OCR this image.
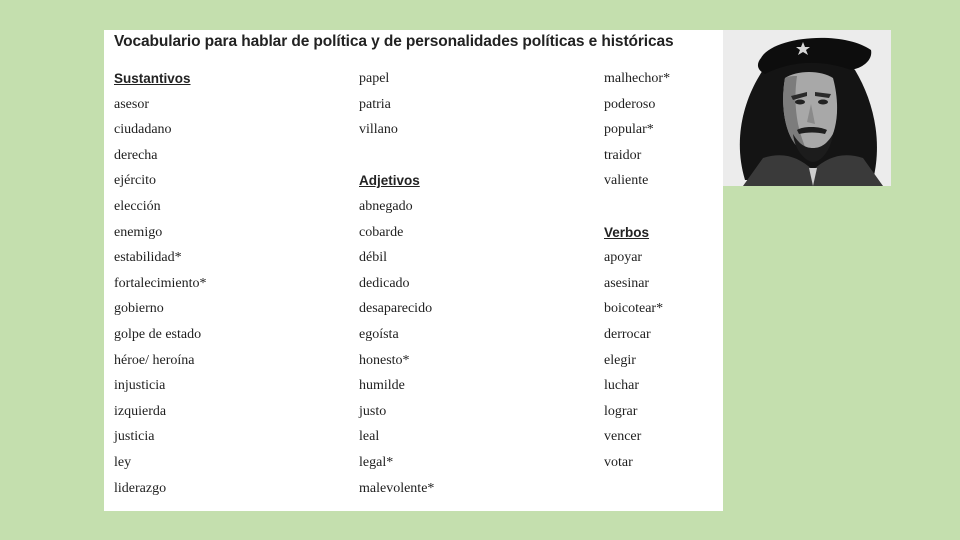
Vocabulario para hablar de política y de personalidades políticas e históricas
Sustantivos
asesor
ciudadano
derecha
ejército
elección
enemigo
estabilidad*
fortalecimiento*
gobierno
golpe de estado
héroe/ heroína
injusticia
izquierda
justicia
ley
liderazgo
papel
patria
villano
Adjetivos
abnegado
cobarde
débil
dedicado
desaparecido
egoísta
honesto*
humilde
justo
leal
legal*
malevolente*
malhechor*
poderoso
popular*
traidor
valiente
Verbos
apoyar
asesinar
boicotear*
derrocar
elegir
luchar
lograr
vencer
votar
